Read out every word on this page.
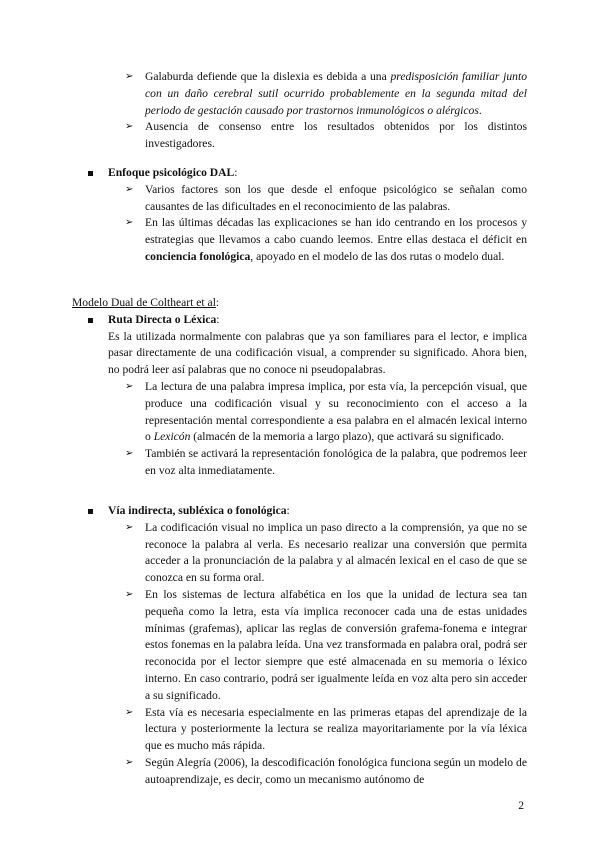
➢ Galaburda defiende que la dislexia es debida a una predisposición familiar junto con un daño cerebral sutil ocurrido probablemente en la segunda mitad del periodo de gestación causado por trastornos inmunológicos o alérgicos.
➢ Ausencia de consenso entre los resultados obtenidos por los distintos investigadores.
Enfoque psicológico DAL:
➢ Varios factores son los que desde el enfoque psicológico se señalan como causantes de las dificultades en el reconocimiento de las palabras.
➢ En las últimas décadas las explicaciones se han ido centrando en los procesos y estrategias que llevamos a cabo cuando leemos. Entre ellas destaca el déficit en conciencia fonológica, apoyado en el modelo de las dos rutas o modelo dual.
Modelo Dual de Coltheart et al:
Ruta Directa o Léxica:
Es la utilizada normalmente con palabras que ya son familiares para el lector, e implica pasar directamente de una codificación visual, a comprender su significado. Ahora bien, no podrá leer así palabras que no conoce ni pseudopalabras.
➢ La lectura de una palabra impresa implica, por esta vía, la percepción visual, que produce una codificación visual y su reconocimiento con el acceso a la representación mental correspondiente a esa palabra en el almacén lexical interno o Lexicón (almacén de la memoria a largo plazo), que activará su significado.
➢ También se activará la representación fonológica de la palabra, que podremos leer en voz alta inmediatamente.
Vía indirecta, subléxica o fonológica:
➢ La codificación visual no implica un paso directo a la comprensión, ya que no se reconoce la palabra al verla. Es necesario realizar una conversión que permita acceder a la pronunciación de la palabra y al almacén lexical en el caso de que se conozca en su forma oral.
➢ En los sistemas de lectura alfabética en los que la unidad de lectura sea tan pequeña como la letra, esta vía implica reconocer cada una de estas unidades mínimas (grafemas), aplicar las reglas de conversión grafema-fonema e integrar estos fonemas en la palabra leída. Una vez transformada en palabra oral, podrá ser reconocida por el lector siempre que esté almacenada en su memoria o léxico interno. En caso contrario, podrá ser igualmente leída en voz alta pero sin acceder a su significado.
➢ Esta vía es necesaria especialmente en las primeras etapas del aprendizaje de la lectura y posteriormente la lectura se realiza mayoritariamente por la vía léxica que es mucho más rápida.
➢ Según Alegría (2006), la descodificación fonológica funciona según un modelo de autoaprendizaje, es decir, como un mecanismo autónomo de
2
